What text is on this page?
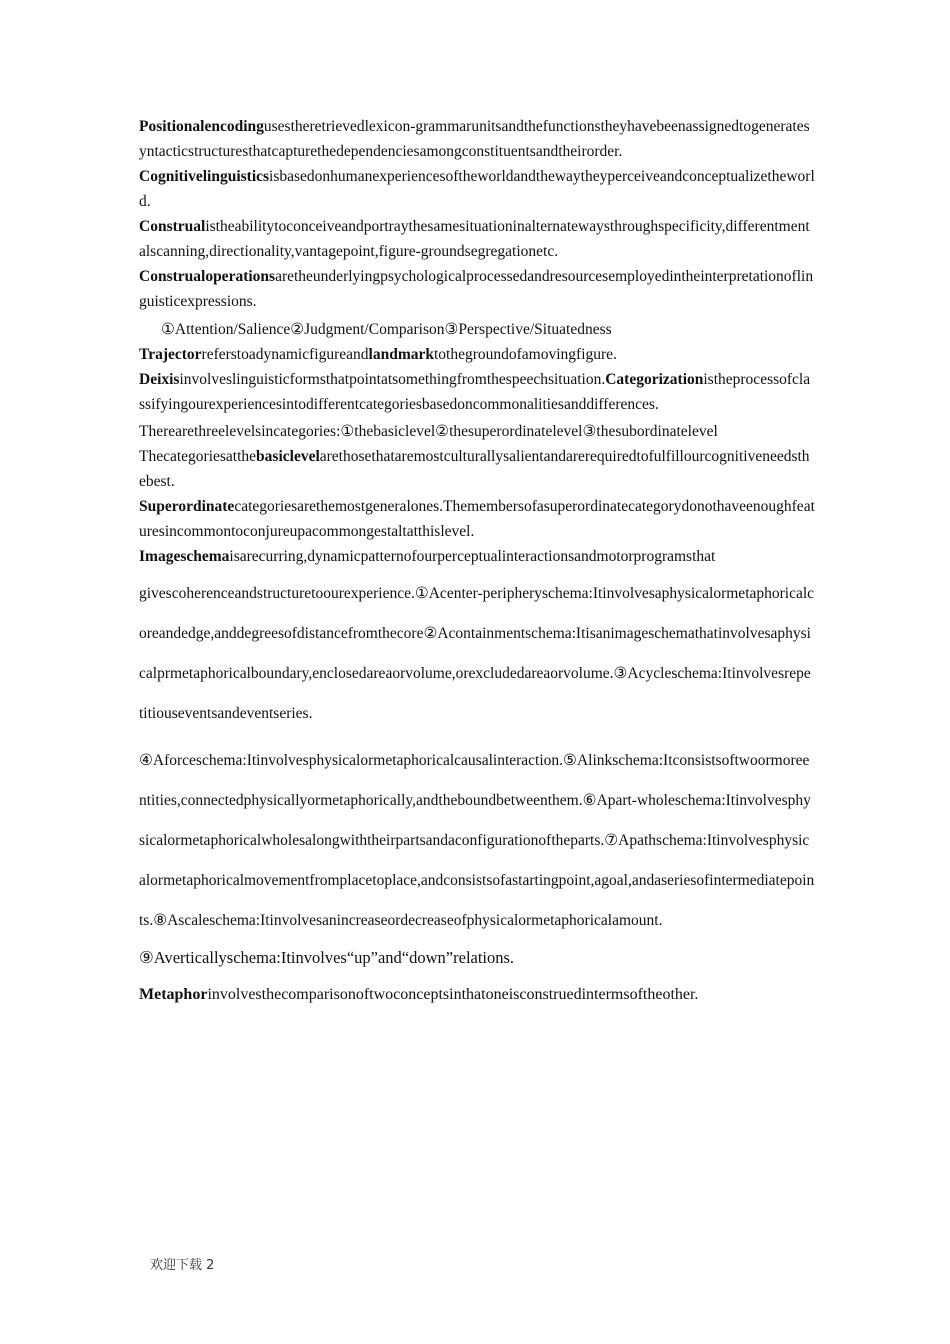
Positionalencodingusestheretrievedlexicon-grammarunitsandthefunctionstheyhavebeenassignedtogeneratesyntacticstructuresthatcapturethedependenciesamongconstituentsandtheirorder.

Cognitivelinguisticsisbasedonhumanexperiencesoftheworldandthewaytheyperceiveandconceptualizetheworld.

Construalistheabilitytoconceiveandportraythesamesituationinalternatewaysthroughspecificity,differentmentalscanning,directionality,vantagepoint,figure-groundsegregationetc.

Construaloperationsaretheunderlyingpsychologicalprocessedandresourcesemployedintheinterpretationoflinguisticexpressions.

①Attention/Salience②Judgment/Comparison③Perspective/Situatedness

Trajectorreferstoadynamicfigureandlandmarktothegroundofamovingfigure.

Deixisinvolveslinguisticformsthatpointatsomethingfromthespeechsituation.Categorizationistheprocessofclassifyingourexperiencesintodifferentcategoriesbasedoncommonalitiesanddifferences.

Therearethreelevelsincategories:①thebasiclevel②thesuperordinatelevel③thesubordinatelevel

Thecategoriesatthebasiclevelarethosethataremostculturallysalientandarerequiredtofulfillourcognitiveneedsthebest.

Superordinatecategoriesarethemostgeneralones.Themembersofasuperordinatecategorydonothaveenoughfeaturesincommontoconjureupacommongestaltatthislevel.

Imageschemaisarecurring,dynamicpatternofourperceptualinteractionsandmotorprogramsthat

givescoherenceandstructuretoourexperience.①Acenter-peripheryschema:Itinvolvesaphysicalormetaphoricalcoreandedge,anddegreesofdistancefromthecore②Acontainmentschema:Itisanimageschemathatinvolvesaphysicalprmetaphoricalboundary,enclosedareaorvolume,orexcludedareaorvolume.③Acycleschema:Itinvolvesrepetitiouseventsandeventseries.

④Aforceschema:Itinvolvesphysicalormetaphoricalcausalinteraction.⑤Alinkschema:Itconsistsoftwoormoreentities,connectedphysicallyormetaphorically,andtheboundbetweenthem.⑥Apart-wholeschema:Itinvolvesphysicalormetaphoricalwholesalongwiththeirpartsandaconfigurationoftheparts.⑦Apathschema:Itinvolvesphysicalormetaphoricalmovementfromplacetoplace,andconsistsofastartingpoint,agoal,andaseriesofintermediatepoints.⑧Ascaleschema:Itinvolvesanincreaseordecreaseofphysicalormetaphoricalamount.

⑨Averticallyschema:Itinvolves“up”and“down”relations.

Metaphorinvolvesthecomparisonoftwoconceptsinthatoneisconstruedintermsoftheother.

欢迎下载 2
